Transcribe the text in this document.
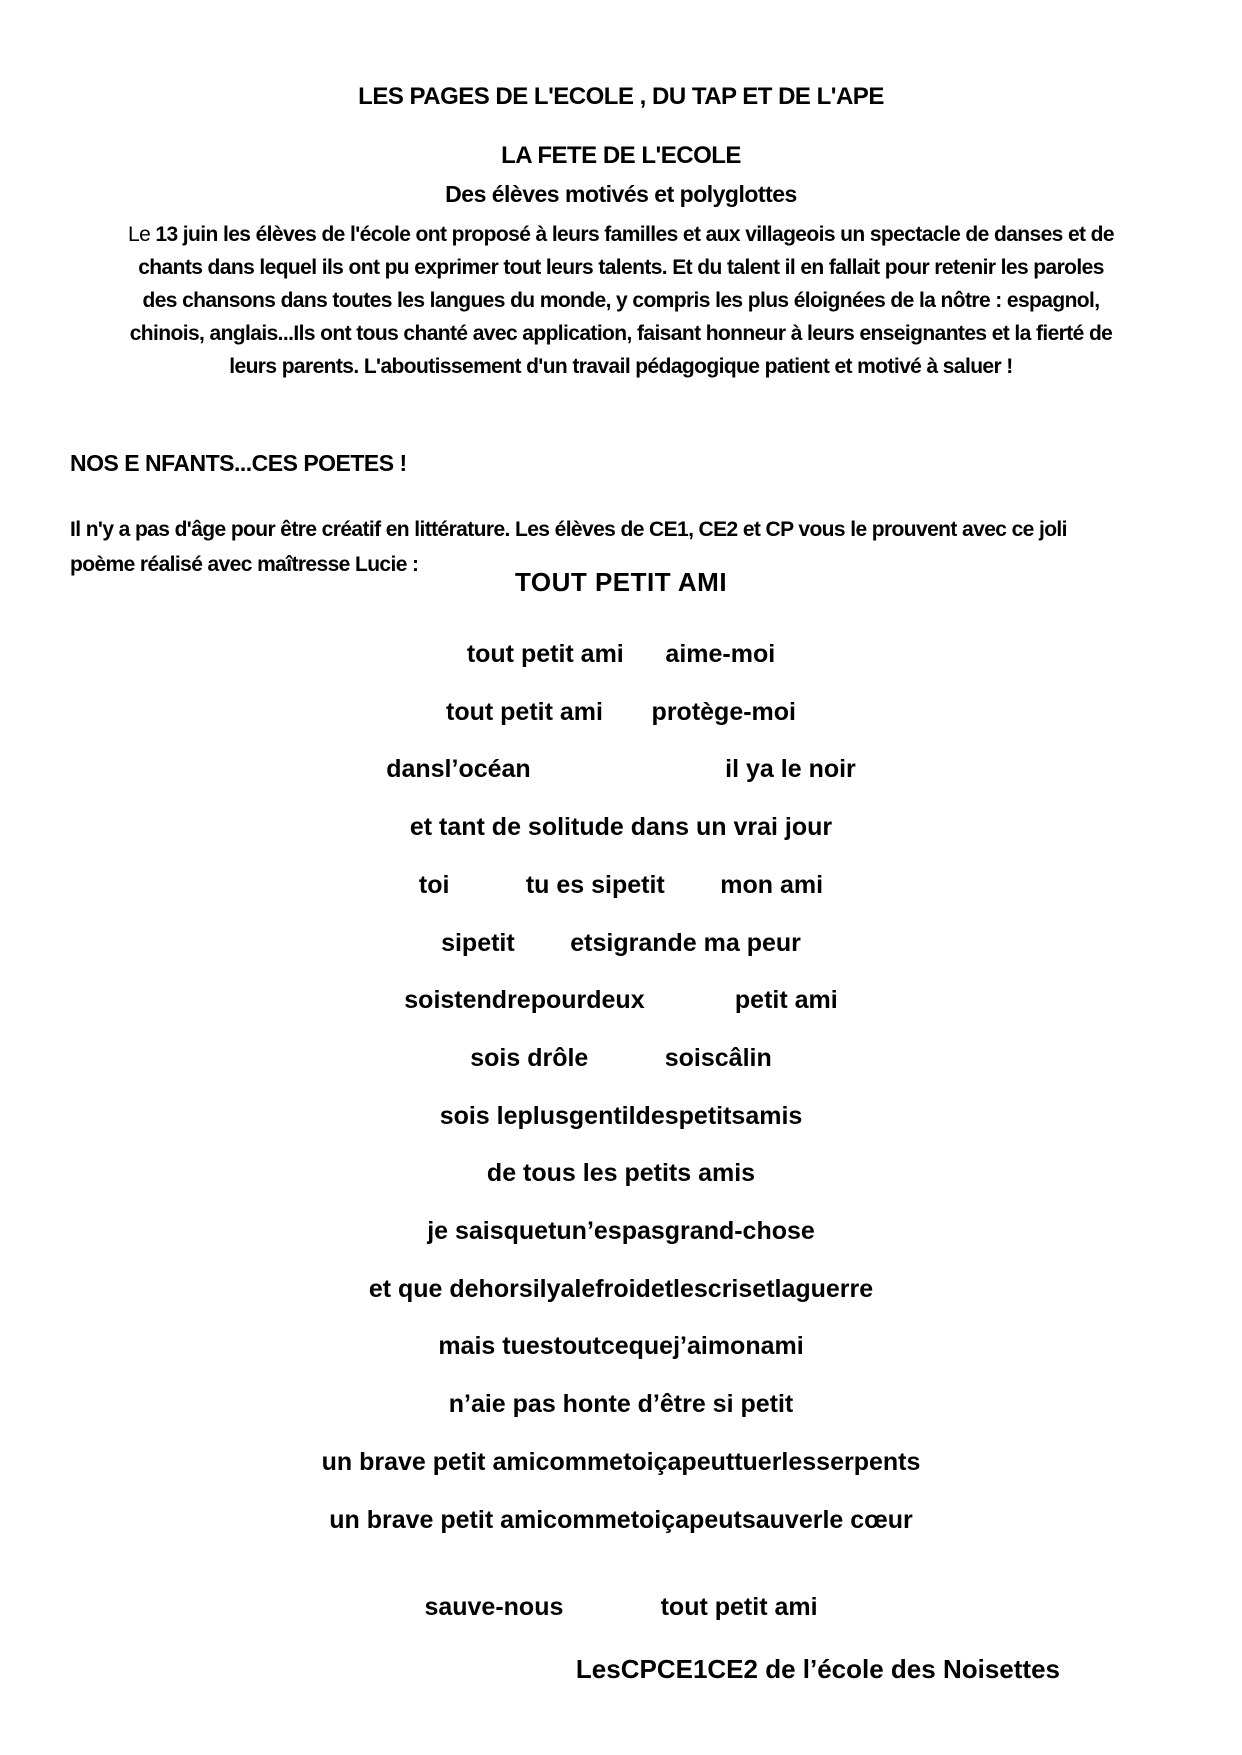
LES PAGES DE L'ECOLE , DU TAP ET DE L'APE
LA FETE DE L'ECOLE
Des élèves motivés et polyglottes
Le 13 juin les élèves de l'école ont proposé à leurs familles et aux villageois un spectacle de danses et de
chants dans lequel ils ont pu exprimer tout leurs talents. Et du talent il en fallait pour retenir les paroles
des chansons dans toutes les langues du monde, y compris les plus éloignées de la nôtre : espagnol,
chinois, anglais...Ils ont tous chanté avec application, faisant honneur à leurs enseignantes et la fierté de
leurs parents. L'aboutissement d'un travail pédagogique patient et motivé à saluer !
NOS E NFANTS...CES POETES !
Il n'y a pas d'âge pour être créatif en littérature. Les élèves de CE1, CE2 et CP vous le prouvent avec ce joli
poème réalisé avec maîtresse Lucie :
TOUT PETIT AMI
tout petit ami      aime-moi
tout petit ami       protège-moi
dansl’océan                            il ya le noir
et tant de solitude dans un vrai jour
toi           tu es sipetit        mon ami
sipetit        etsigrande ma peur
soistendrepourdeux             petit ami
sois drôle           soiscâlin
sois leplusgentildespetitsamis
de tous les petits amis
je saisquetun’espasgrand-chose
et que dehorsilyalefroidetlescrisetlaguerre
mais tuestoutcequej’aimonami
n’aie pas honte d’être si petit
un brave petit amicommetoiçapeuttuerlesserpents
un brave petit amicommetoiçapeutsauverle cœur
sauve-nous              tout petit ami
LesCPCE1CE2 de l’école des Noisettes
